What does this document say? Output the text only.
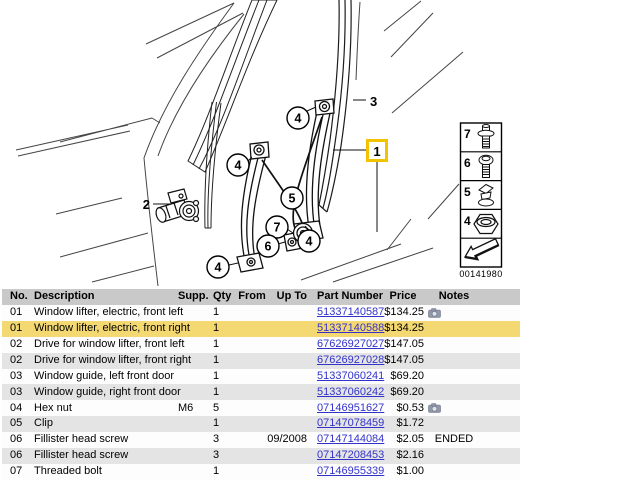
2
3
1
4
4
5
7
6
4
4
7
6
5
4
00141980
No. Description	Supp. Qty From Up To Part Number Price	Notes
01	Window lifter, electric, front left	1	51337140587 $134.25
01	Window lifter, electric, front right 1	51337140588 $134.25
02	Drive for window lifter, front left	1	67626927027 $147.05
02	Drive for window lifter, front right 1	67626927028 $147.05
03	Window guide, left front door	1	51337060241 $69.20
03	Window guide, right front door	1	51337060242 $69.20
04	Hex nut	M6	5	07146951627 $0.53
05	Clip	1	07147078459 $1.72
06	Fillister head screw	3	09/2008 07147144084 $2.05 ENDED
06	Fillister head screw	3	07147208453 $2.16
07	Threaded bolt	1	07146955339 $1.00
